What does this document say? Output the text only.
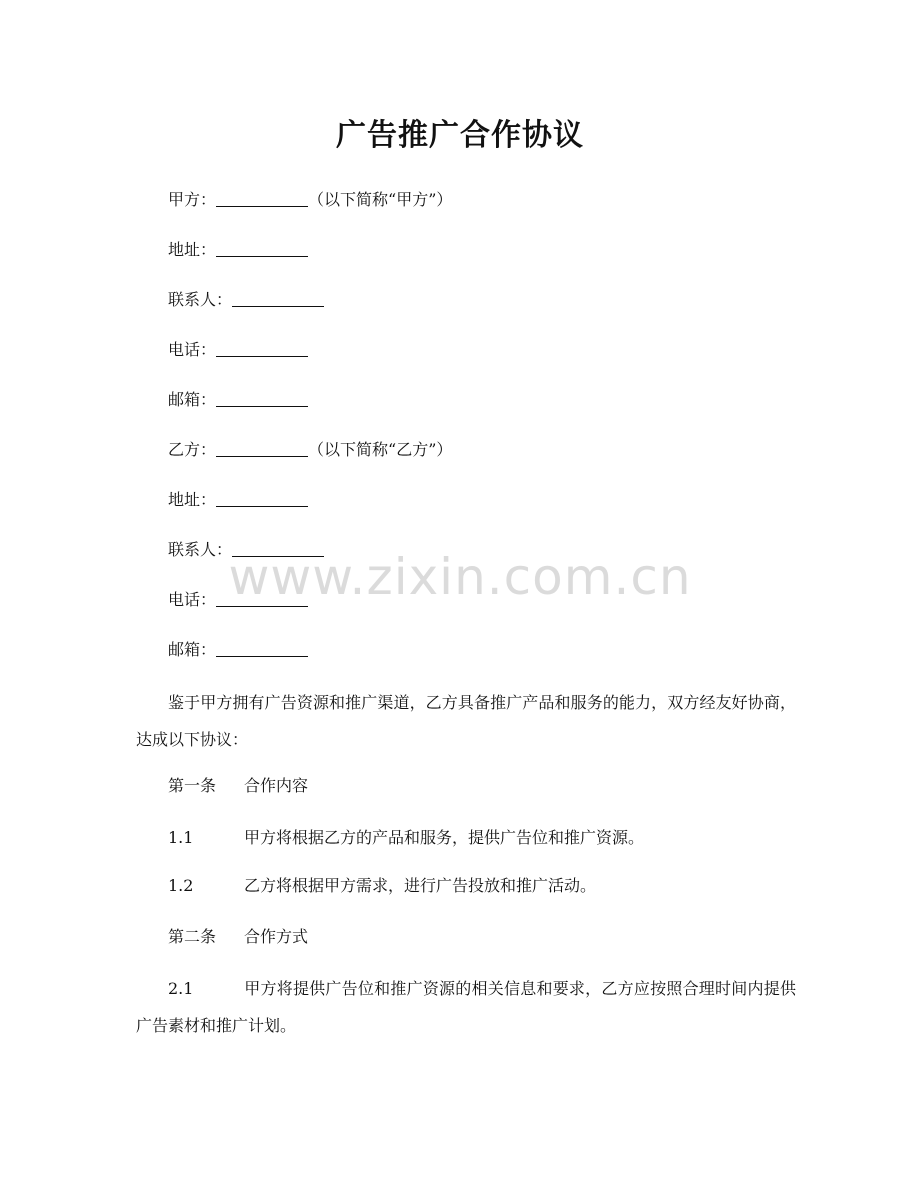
广告推广合作协议
甲方：	（以下简称“甲方”）
地址：
联系人：
电话：
邮箱：
乙方：	（以下简称“乙方”）
地址：
联系人：
电话：
邮箱：
鉴于甲方拥有广告资源和推广渠道，乙方具备推广产品和服务的能力，双方经友好协商，达成以下协议：
第一条 合作内容
1.1	甲方将根据乙方的产品和服务，提供广告位和推广资源。
1.2	乙方将根据甲方需求，进行广告投放和推广活动。
第二条 合作方式
2.1	甲方将提供广告位和推广资源的相关信息和要求，乙方应按照合理时间内提供广告素材和推广计划。
www.zixin.com.cn
